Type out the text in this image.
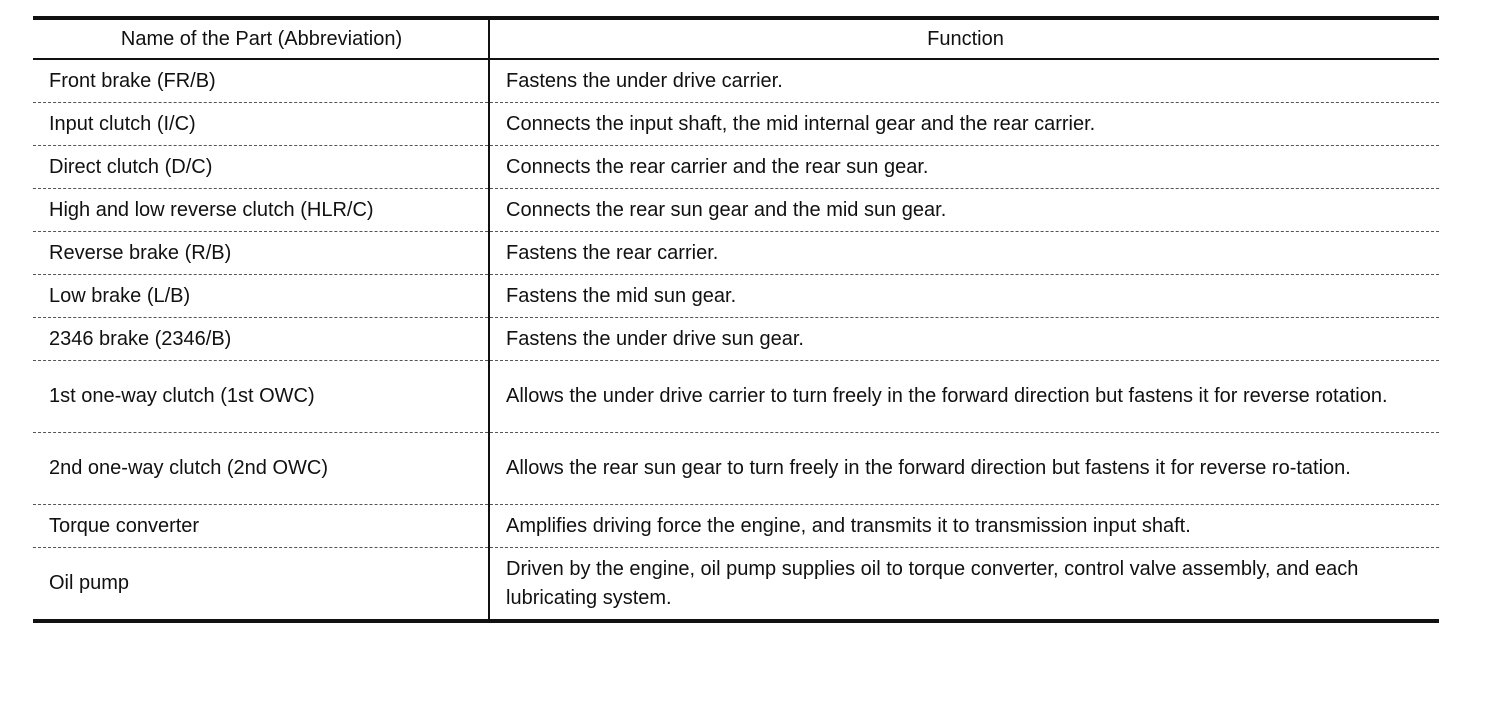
Name of the Part (Abbreviation)	Function
Front brake (FR/B)	Fastens the under drive carrier.
Input clutch (I/C)	Connects the input shaft, the mid internal gear and the rear carrier.
Direct clutch (D/C)	Connects the rear carrier and the rear sun gear.
High and low reverse clutch (HLR/C)	Connects the rear sun gear and the mid sun gear.
Reverse brake (R/B)	Fastens the rear carrier.
Low brake (L/B)	Fastens the mid sun gear.
2346 brake (2346/B)	Fastens the under drive sun gear.
1st one-way clutch (1st OWC)	Allows the under drive carrier to turn freely in the forward direction but fastens it for reverse rotation.
2nd one-way clutch (2nd OWC)	Allows the rear sun gear to turn freely in the forward direction but fastens it for reverse ro-tation.
Torque converter	Amplifies driving force the engine, and transmits it to transmission input shaft.
Oil pump	Driven by the engine, oil pump supplies oil to torque converter, control valve assembly, and each lubricating system.
